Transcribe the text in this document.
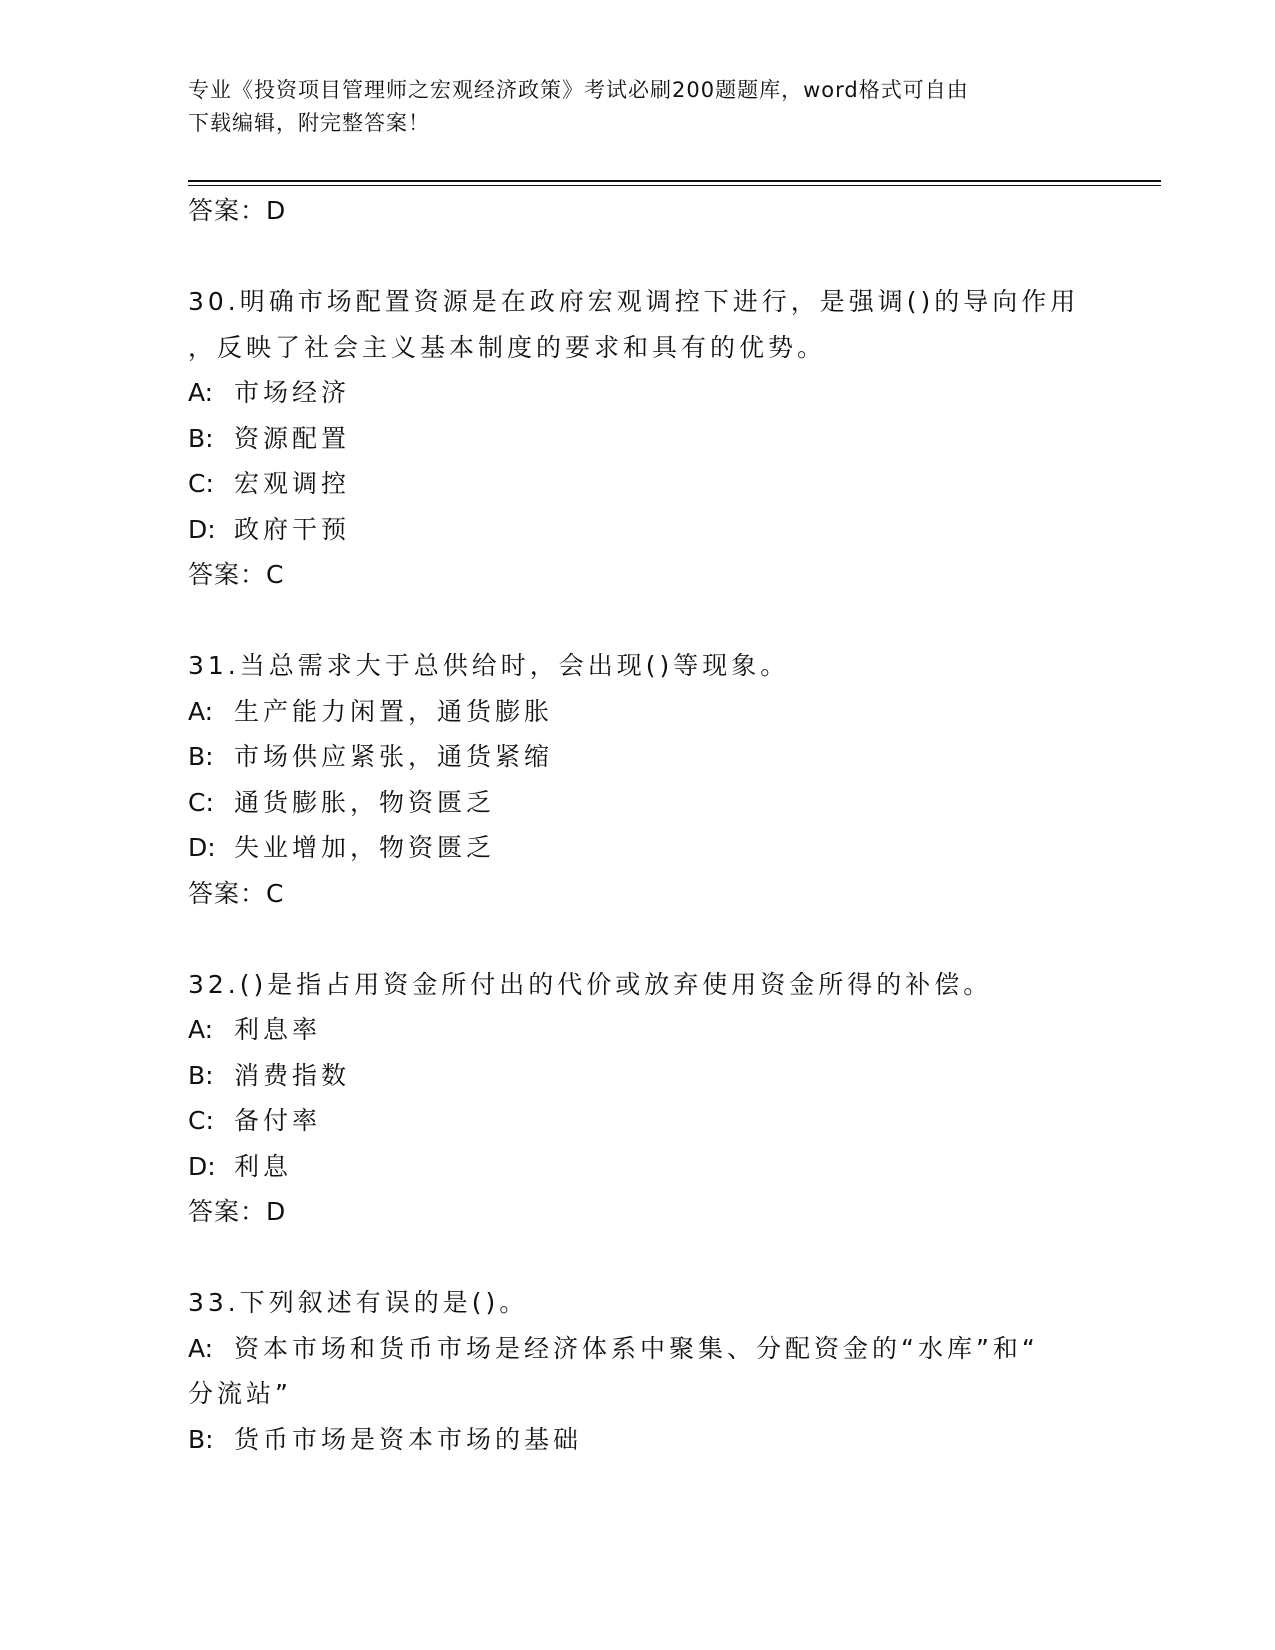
专业《投资项目管理师之宏观经济政策》考试必刷200题题库，word格式可自由
下载编辑，附完整答案！
答案：D
30.明确市场配置资源是在政府宏观调控下进行，是强调()的导向作用
，反映了社会主义基本制度的要求和具有的优势。
A: 市场经济
B: 资源配置
C: 宏观调控
D: 政府干预
答案：C
31.当总需求大于总供给时，会出现()等现象。
A: 生产能力闲置，通货膨胀
B: 市场供应紧张，通货紧缩
C: 通货膨胀，物资匮乏
D: 失业增加，物资匮乏
答案：C
32.()是指占用资金所付出的代价或放弃使用资金所得的补偿。
A: 利息率
B: 消费指数
C: 备付率
D: 利息
答案：D
33.下列叙述有误的是()。
A: 资本市场和货币市场是经济体系中聚集、分配资金的“水库”和“
分流站”
B: 货币市场是资本市场的基础
